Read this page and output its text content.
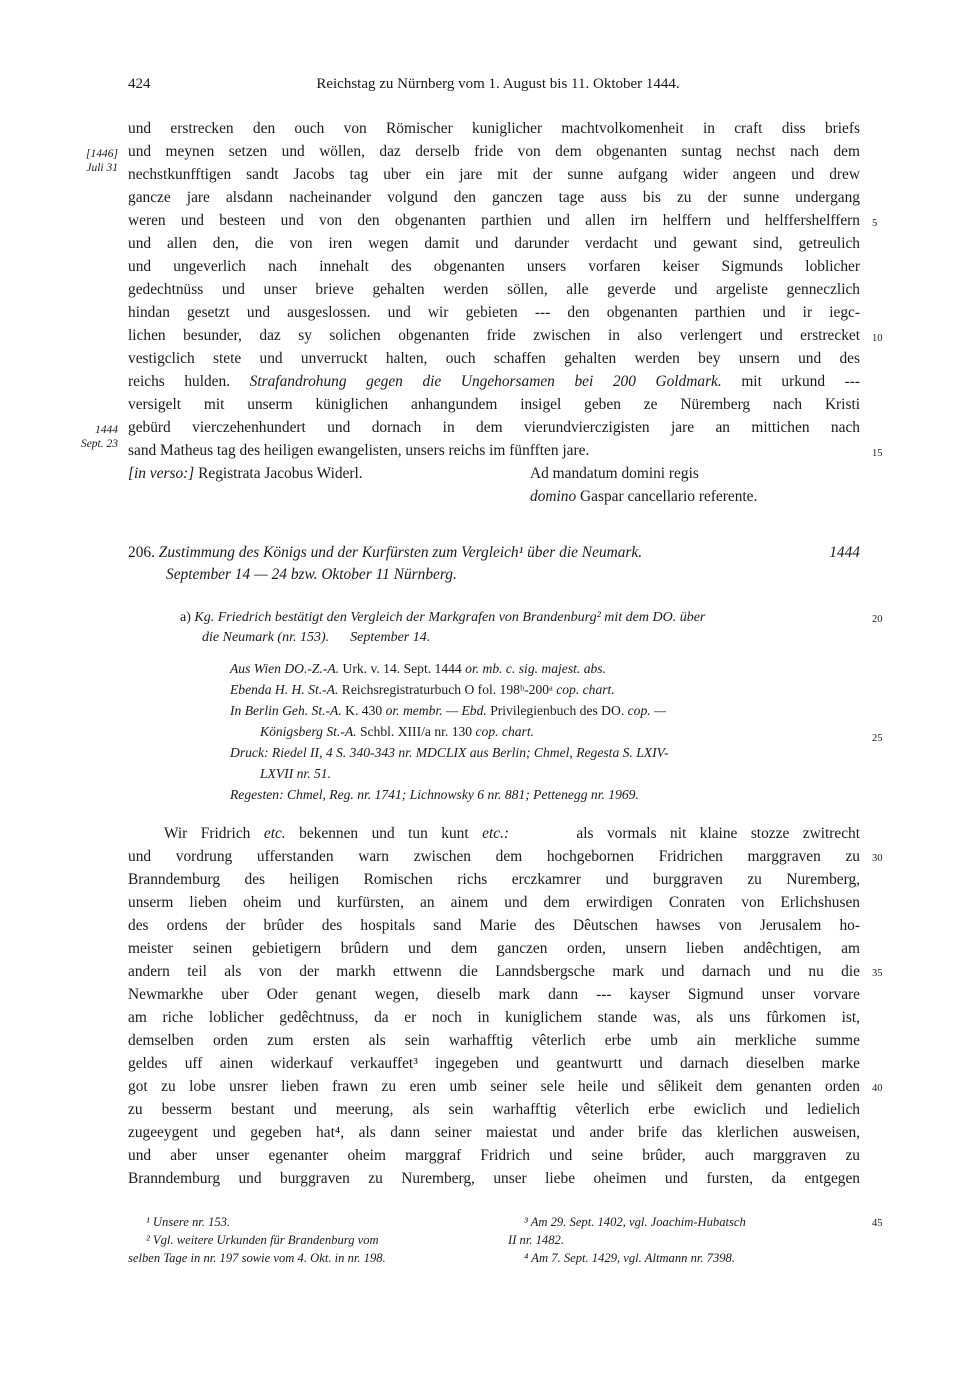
424	Reichstag zu Nürnberg vom 1. August bis 11. Oktober 1444.
[1446]
Juli 31
1444
Sept. 23
und erstrecken den ouch von Römischer kuniglicher machtvolkomenheit in craft diss briefs
und meynen setzen und wöllen, daz derselb fride von dem obgenanten suntag nechst nach dem
nechstkunfftigen sandt Jacobs tag uber ein jare mit der sunne aufgang wider angeen und drew
gancze jare alsdann nacheinander volgund den ganczen tage auss bis zu der sunne undergang
weren und besteen und von den obgenanten parthien und allen irn helffern und helffershelffern
und allen den, die von iren wegen damit und darunder verdacht und gewant sind, getreulich
und ungeverlich nach innehalt des obgenanten unsers vorfaren keiser Sigmunds loblicher
gedechtnüss und unser brieve gehalten werden söllen, alle geverde und argeliste genneczlich
hindan gesetzt und ausgeslossen. und wir gebieten --- den obgenanten parthien und ir iegc-
lichen besunder, daz sy solichen obgenanten fride zwischen in also verlengert und erstrecket
vestigclich stete und unverruckt halten, ouch schaffen gehalten werden bey unsern und des
reichs hulden. Strafandrohung gegen die Ungehorsamen bei 200 Goldmark. mit urkund ---
versigelt mit unserm küniglichen anhangundem insigel geben ze Nüremberg nach Kristi
gebürd vierczehenhundert und dornach in dem vierundvierczigisten jare an mittichen nach
sand Matheus tag des heiligen ewangelisten, unsers reichs im fünfften jare.
[in verso:] Registrata Jacobus Widerl.	Ad mandatum domini regis
domino Gaspar cancellario referente.
206. Zustimmung des Königs und der Kurfürsten zum Vergleich¹ über die Neumark.	1444
September 14 — 24 bzw. Oktober 11 Nürnberg.
a) Kg. Friedrich bestätigt den Vergleich der Markgrafen von Brandenburg² mit dem DO. über
die Neumark (nr. 153). September 14.
Aus Wien DO.-Z.-A. Urk. v. 14. Sept. 1444 or. mb. c. sig. majest. abs.
Ebenda H. H. St.-A. Reichsregistraturbuch O fol. 198ᵇ-200ᵃ cop. chart.
In Berlin Geh. St.-A. K. 430 or. membr. — Ebd. Privilegienbuch des DO. cop. —
Königsberg St.-A. Schbl. XIII/a nr. 130 cop. chart.
Druck: Riedel II, 4 S. 340-343 nr. MDCLIX aus Berlin; Chmel, Regesta S. LXIV-
LXVII nr. 51.
Regesten: Chmel, Reg. nr. 1741; Lichnowsky 6 nr. 881; Pettenegg nr. 1969.
Wir Fridrich etc. bekennen und tun kunt etc.:	als vormals nit klaine stozze zwitrecht
und vordrung ufferstanden warn zwischen dem hochgebornen Fridrichen marggraven zu
Branndemburg des heiligen Romischen richs erczkamrer und burggraven zu Nuremberg,
unserm lieben oheim und kurfürsten, an ainem und dem erwirdigen Conraten von Erlichshusen
des ordens der brûder des hospitals sand Marie des Dêutschen hawses von Jerusalem ho-
meister seinen gebietigern brûdern und dem ganczen orden, unsern lieben andêchtigen, am
andern teil als von der markh ettwenn die Lanndsbergsche mark und darnach und nu die
Newmarkhe uber Oder genant wegen, dieselb mark dann --- kayser Sigmund unser vorvare
am riche loblicher gedêchtnuss, da er noch in kuniglichem stande was, als uns fûrkomen ist,
demselben orden zum ersten als sein warhafftig vêterlich erbe umb ain merkliche summe
geldes uff ainen widerkauf verkauffet³ ingegeben und geantwurtt und darnach dieselben marke
got zu lobe unsrer lieben frawn zu eren umb seiner sele heile und sêlikeit dem genanten orden
zu besserm bestant und meerung, als sein warhafftig vêterlich erbe ewiclich und ledielich
zugeeygent und gegeben hat⁴, als dann seiner maiestat und ander brife das klerlichen ausweisen,
und aber unser egenanter oheim marggraf Fridrich und seine brûder, auch marggraven zu
Branndemburg und burggraven zu Nuremberg, unser liebe oheimen und fursten, da entgegen
5
10
15
20
25
30
35
40
45
¹ Unsere nr. 153.
² Vgl. weitere Urkunden für Brandenburg vom
selben Tage in nr. 197 sowie vom 4. Okt. in nr. 198.
³ Am 29. Sept. 1402, vgl. Joachim-Hubatsch
II nr. 1482.
⁴ Am 7. Sept. 1429, vgl. Altmann nr. 7398.
